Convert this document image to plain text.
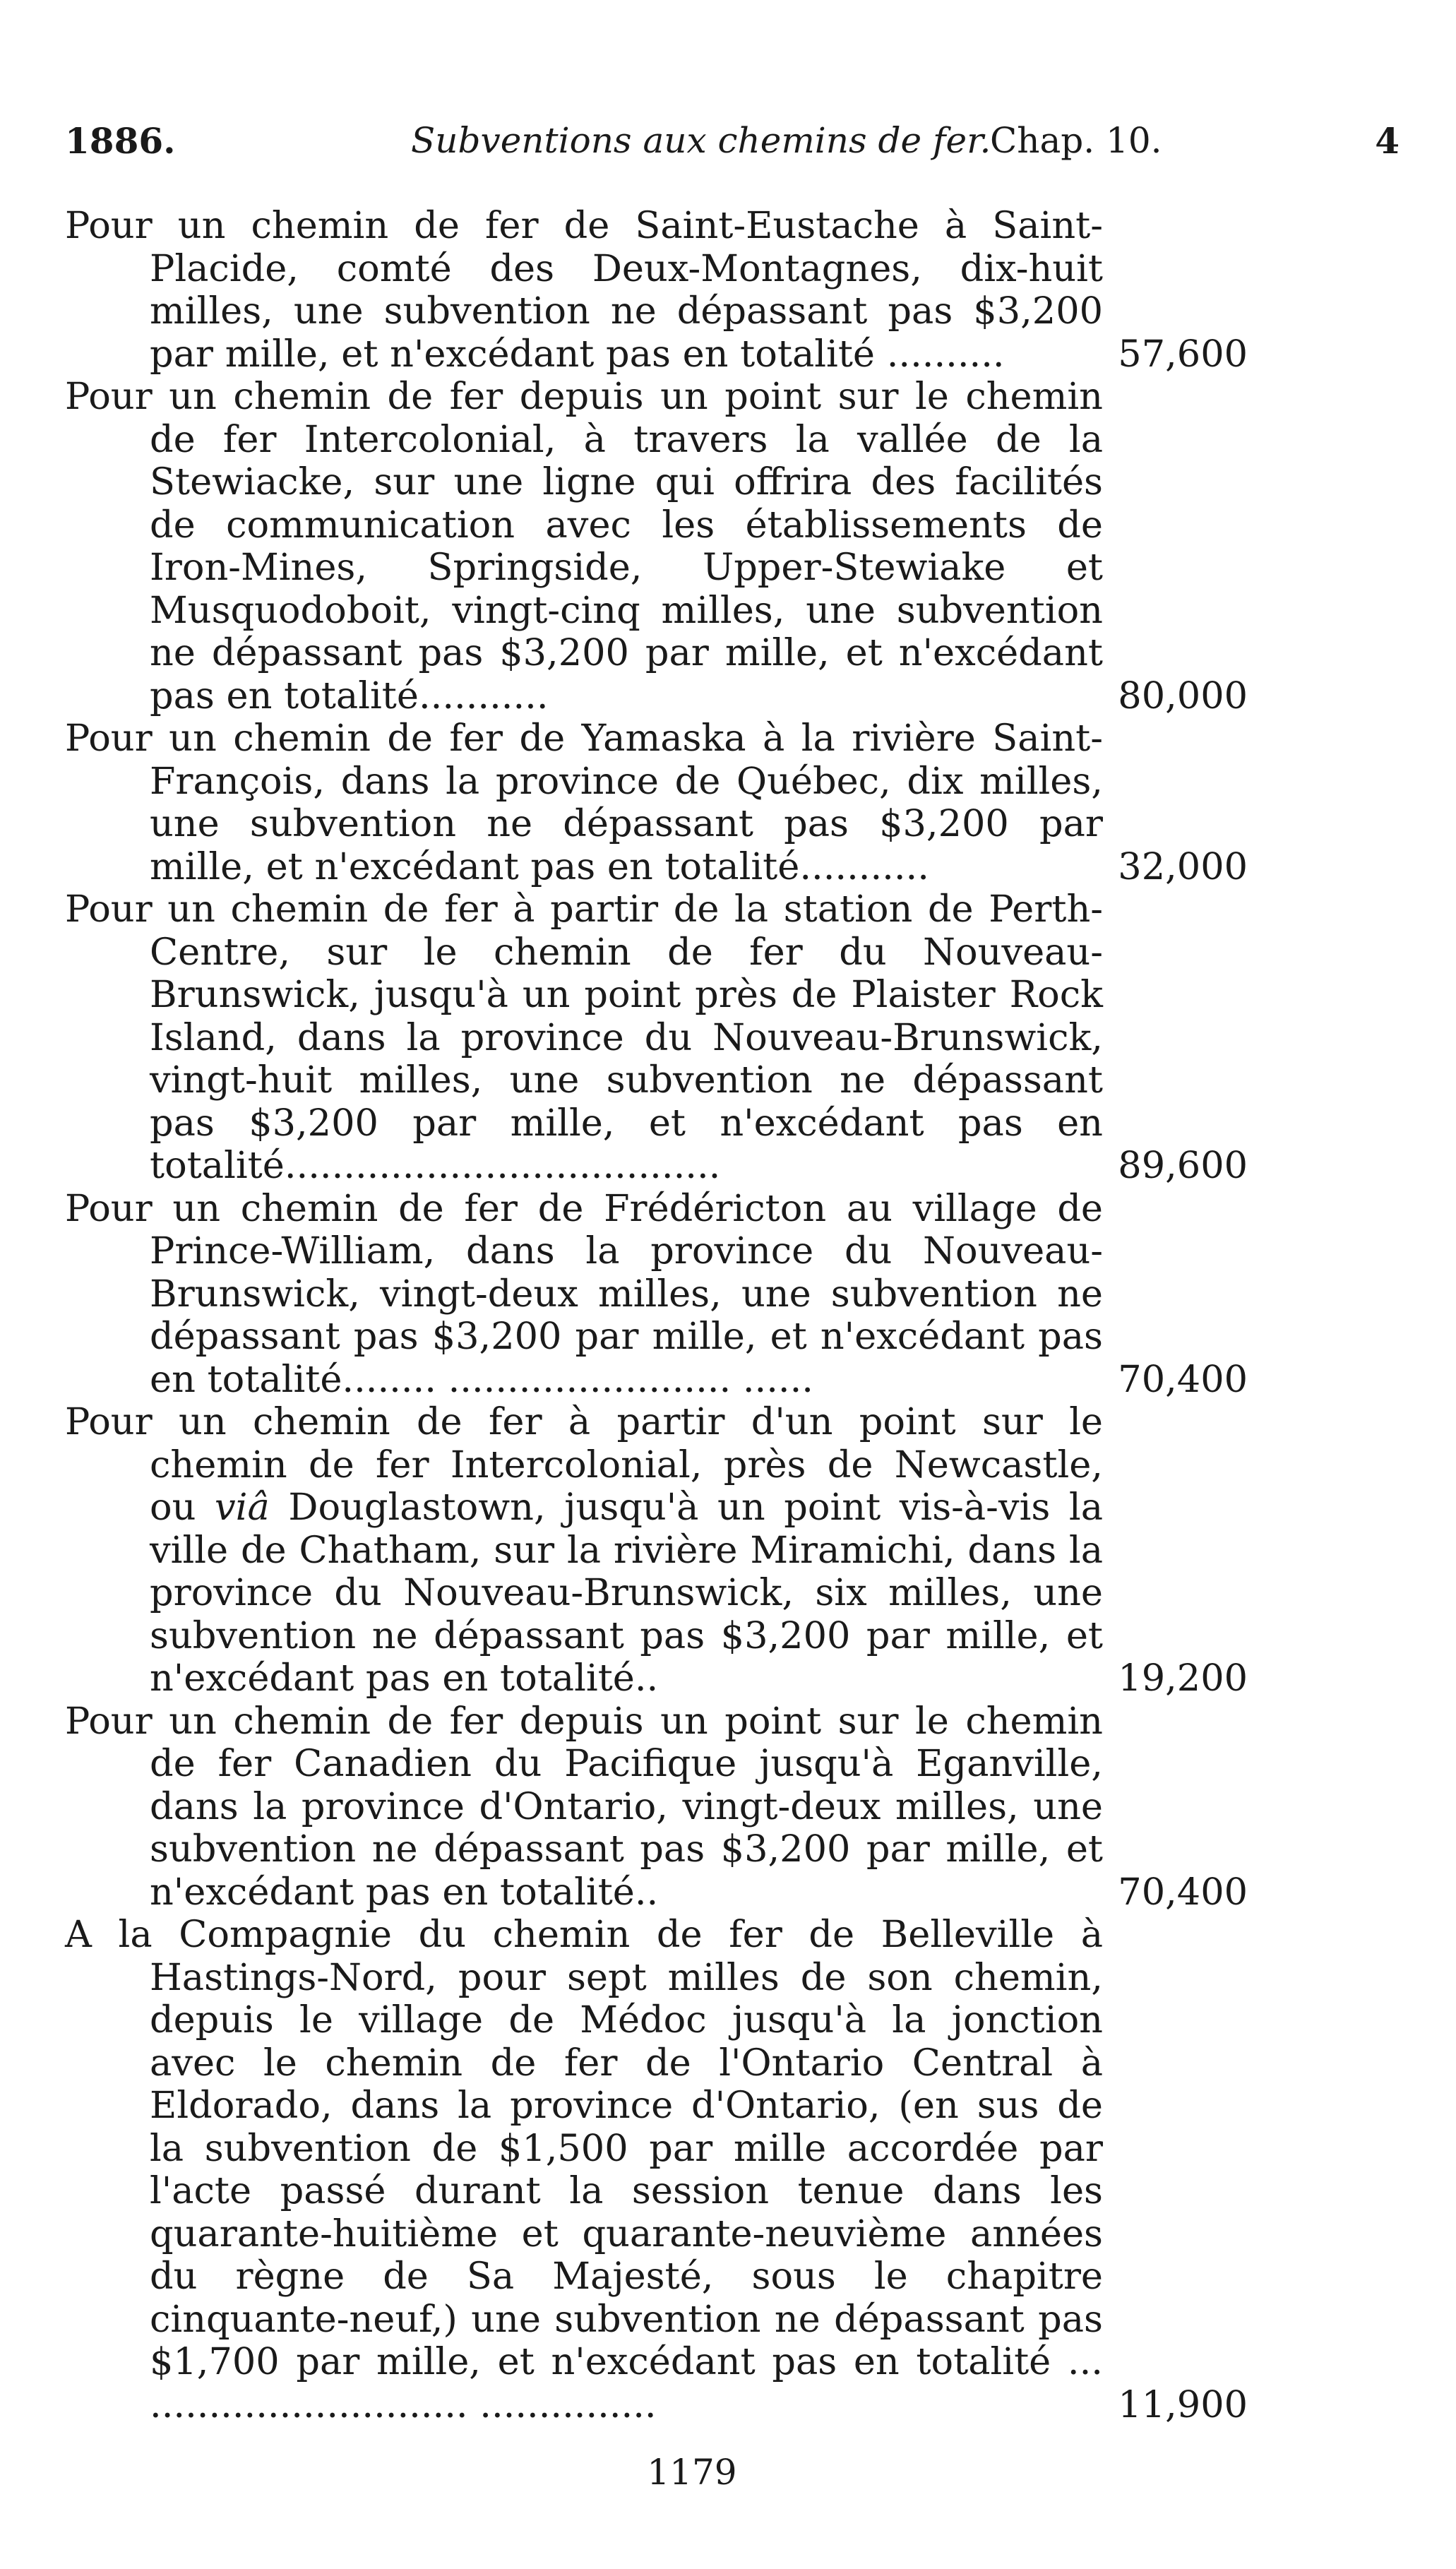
1886.	Subventions aux chemins de fer.
Chap. 10.	4

Pour un chemin de fer de Saint-Eustache à Saint-Placide, comté des Deux-Montagnes, dix-huit milles, une subvention ne dépassant pas $3,200 par mille, et n'excédant pas en totalité ..........	57,600

Pour un chemin de fer depuis un point sur le chemin de fer Intercolonial, à travers la vallée de la Stewiacke, sur une ligne qui offrira des facilités de communication avec les établissements de Iron-Mines, Springside, Upper-Stewiake et Musquodoboit, vingt-cinq milles, une subvention ne dépassant pas $3,200 par mille, et n'excédant pas en totalité...........	80,000

Pour un chemin de fer de Yamaska à la rivière Saint-François, dans la province de Québec, dix milles, une subvention ne dépassant pas $3,200 par mille, et n'excédant pas en totalité...........	32,000

Pour un chemin de fer à partir de la station de Perth-Centre, sur le chemin de fer du Nouveau-Brunswick, jusqu'à un point près de Plaister Rock Island, dans la province du Nouveau-Brunswick, vingt-huit milles, une subvention ne dépassant pas $3,200 par mille, et n'excédant pas en totalité.....................................	89,600

Pour un chemin de fer de Frédéricton au village de Prince-William, dans la province du Nouveau-Brunswick, vingt-deux milles, une subvention ne dépassant pas $3,200 par mille, et n'excédant pas en totalité........ ........................ ......	70,400

Pour un chemin de fer à partir d'un point sur le chemin de fer Intercolonial, près de Newcastle, ou viâ Douglastown, jusqu'à un point vis-à-vis la ville de Chatham, sur la rivière Miramichi, dans la province du Nouveau-Brunswick, six milles, une subvention ne dépassant pas $3,200 par mille, et n'excédant pas en totalité..	19,200

Pour un chemin de fer depuis un point sur le chemin de fer Canadien du Pacifique jusqu'à Eganville, dans la province d'Ontario, vingt-deux milles, une subvention ne dépassant pas $3,200 par mille, et n'excédant pas en totalité..	70,400

A la Compagnie du chemin de fer de Belleville à Hastings-Nord, pour sept milles de son chemin, depuis le village de Médoc jusqu'à la jonction avec le chemin de fer de l'Ontario Central à Eldorado, dans la province d'Ontario, (en sus de la subvention de $1,500 par mille accordée par l'acte passé durant la session tenue dans les quarante-huitième et quarante-neuvième années du règne de Sa Majesté, sous le chapitre cinquante-neuf,) une subvention ne dépassant pas $1,700 par mille, et n'excédant pas en totalité ... ........................... ...............	11,900
1179
